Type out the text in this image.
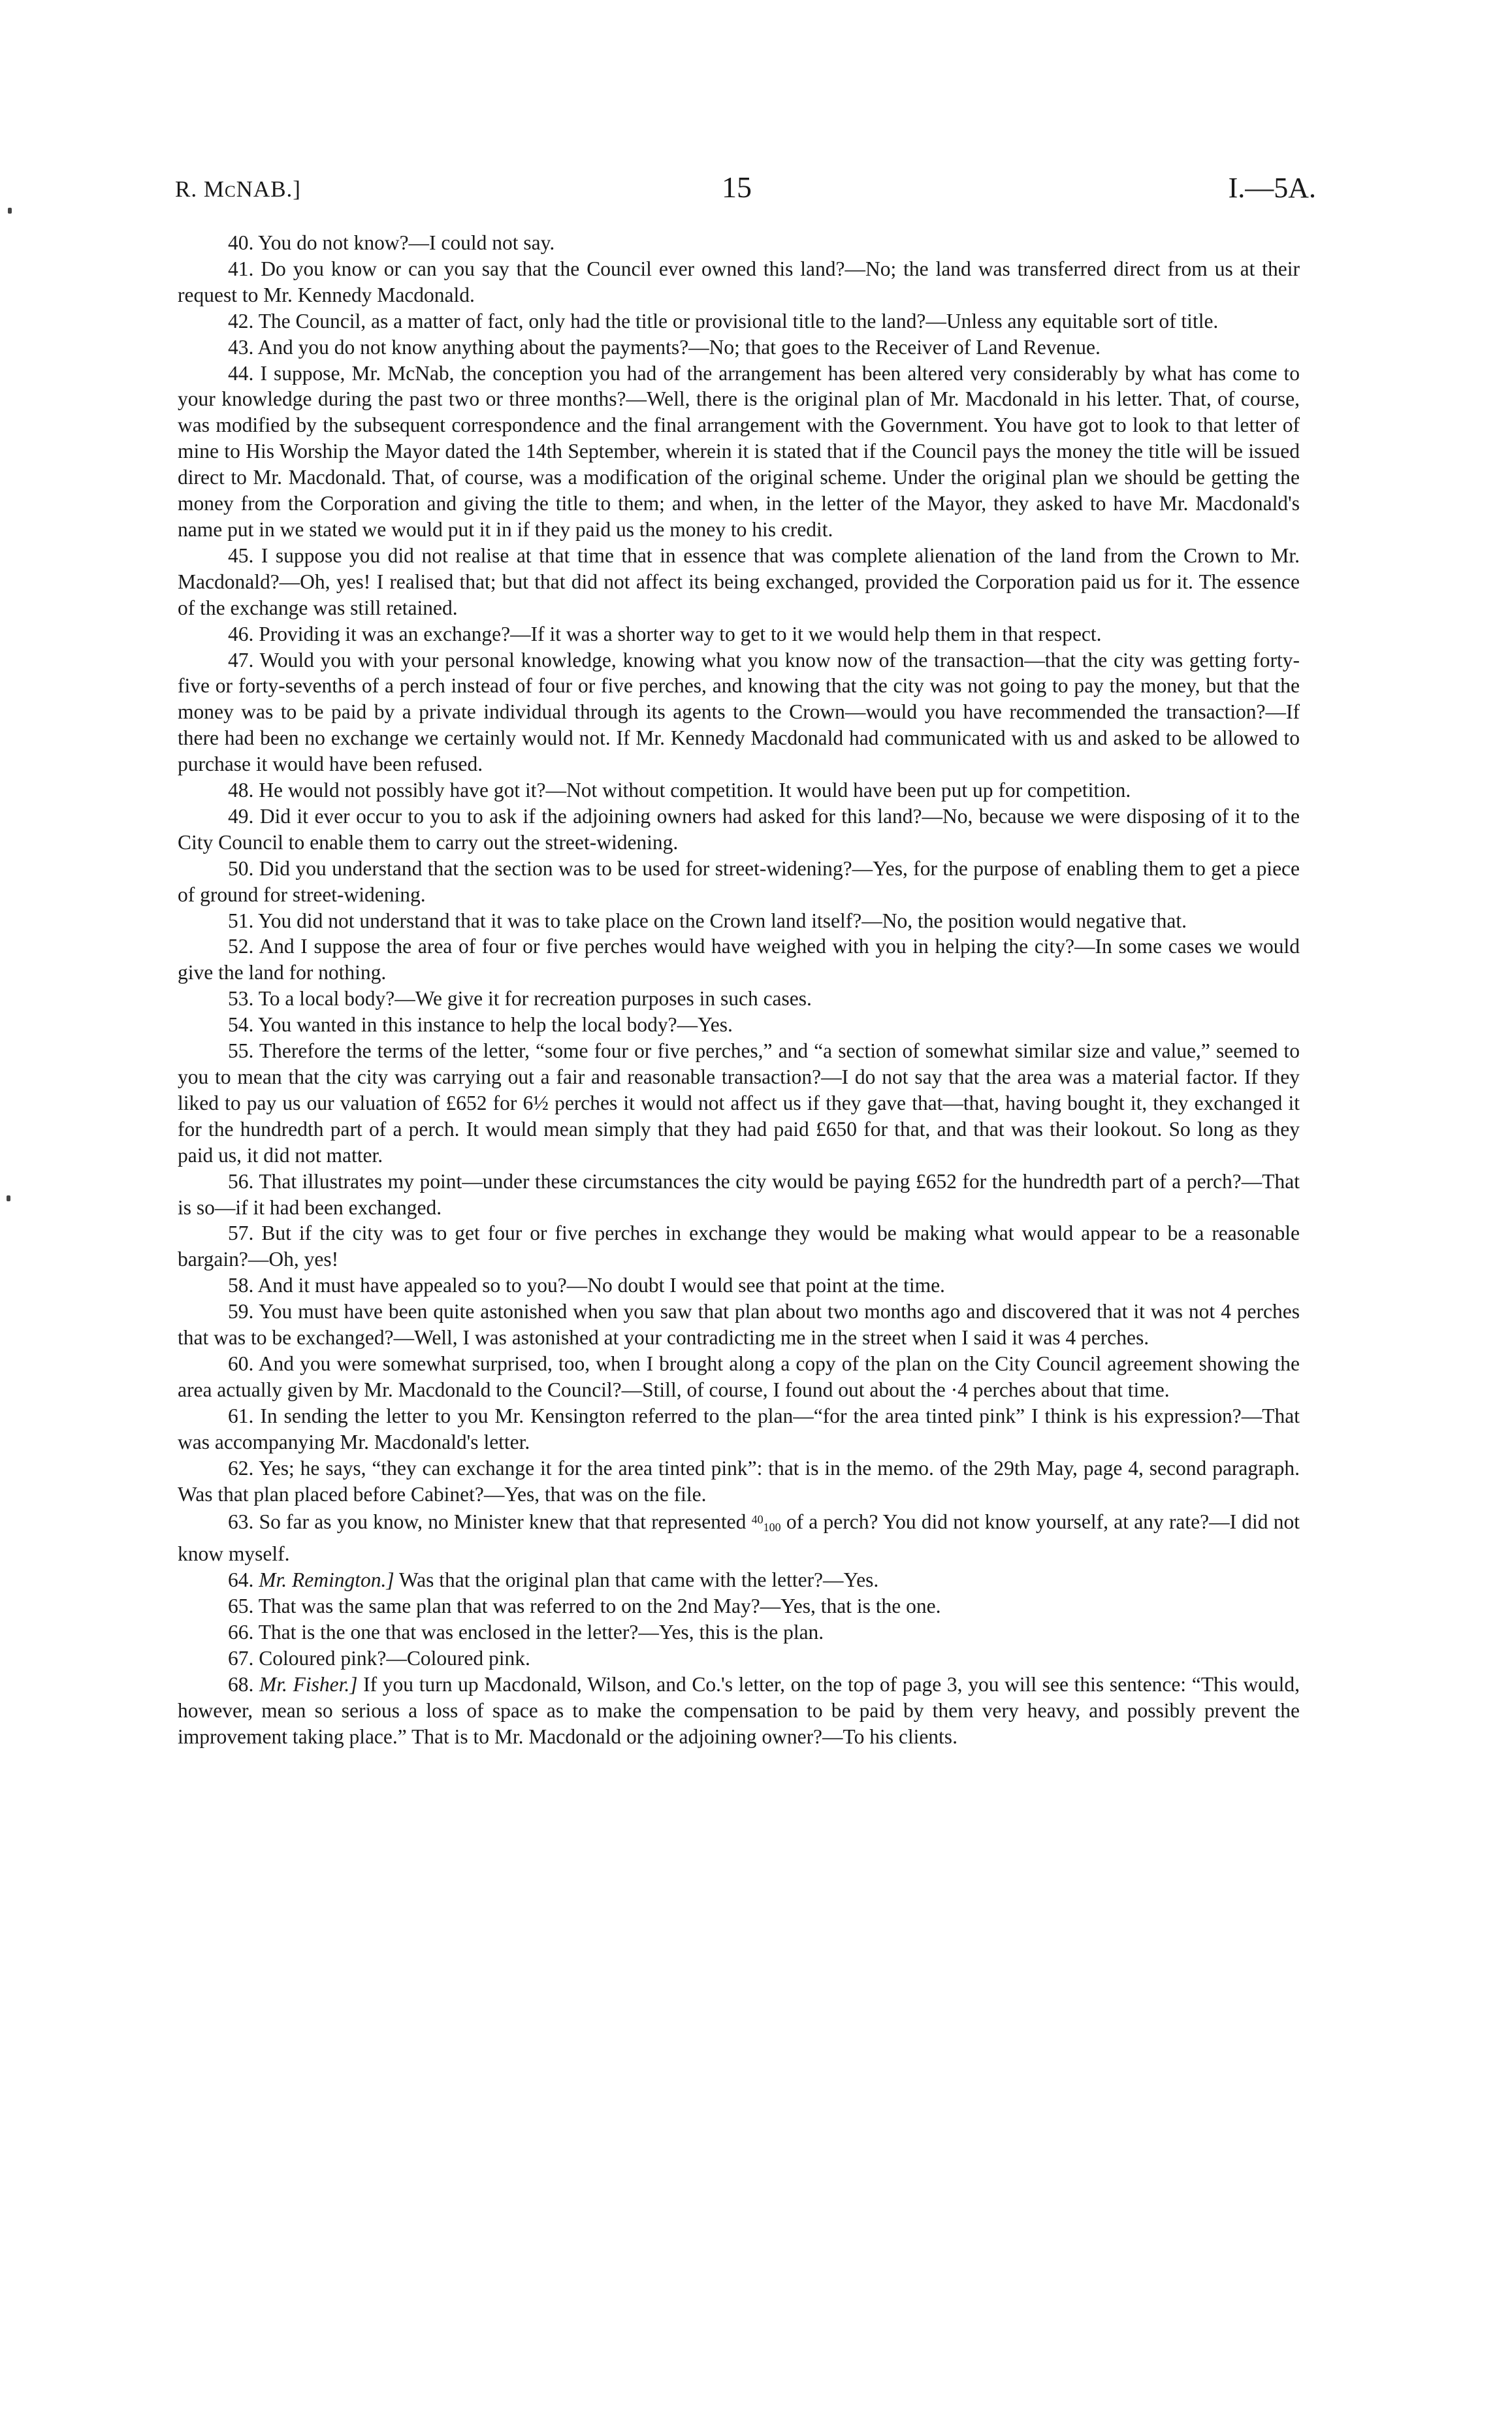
R. McNAB.]	15	I.—5A.

40. You do not know?—I could not say.

41. Do you know or can you say that the Council ever owned this land?—No; the land was transferred direct from us at their request to Mr. Kennedy Macdonald.

42. The Council, as a matter of fact, only had the title or provisional title to the land?—Unless any equitable sort of title.

43. And you do not know anything about the payments?—No; that goes to the Receiver of Land Revenue.

44. I suppose, Mr. McNab, the conception you had of the arrangement has been altered very considerably by what has come to your knowledge during the past two or three months?—Well, there is the original plan of Mr. Macdonald in his letter. That, of course, was modified by the subsequent correspondence and the final arrangement with the Government. You have got to look to that letter of mine to His Worship the Mayor dated the 14th September, wherein it is stated that if the Council pays the money the title will be issued direct to Mr. Macdonald. That, of course, was a modification of the original scheme. Under the original plan we should be getting the money from the Corporation and giving the title to them; and when, in the letter of the Mayor, they asked to have Mr. Macdonald's name put in we stated we would put it in if they paid us the money to his credit.

45. I suppose you did not realise at that time that in essence that was complete alienation of the land from the Crown to Mr. Macdonald?—Oh, yes! I realised that; but that did not affect its being exchanged, provided the Corporation paid us for it. The essence of the exchange was still retained.

46. Providing it was an exchange?—If it was a shorter way to get to it we would help them in that respect.

47. Would you with your personal knowledge, knowing what you know now of the transaction—that the city was getting forty-five or forty-sevenths of a perch instead of four or five perches, and knowing that the city was not going to pay the money, but that the money was to be paid by a private individual through its agents to the Crown—would you have recommended the transaction?—If there had been no exchange we certainly would not. If Mr. Kennedy Macdonald had communicated with us and asked to be allowed to purchase it would have been refused.

48. He would not possibly have got it?—Not without competition. It would have been put up for competition.

49. Did it ever occur to you to ask if the adjoining owners had asked for this land?—No, because we were disposing of it to the City Council to enable them to carry out the street-widening.

50. Did you understand that the section was to be used for street-widening?—Yes, for the purpose of enabling them to get a piece of ground for street-widening.

51. You did not understand that it was to take place on the Crown land itself?—No, the position would negative that.

52. And I suppose the area of four or five perches would have weighed with you in helping the city?—In some cases we would give the land for nothing.

53. To a local body?—We give it for recreation purposes in such cases.

54. You wanted in this instance to help the local body?—Yes.

55. Therefore the terms of the letter, “some four or five perches,” and “a section of somewhat similar size and value,” seemed to you to mean that the city was carrying out a fair and reasonable transaction?—I do not say that the area was a material factor. If they liked to pay us our valuation of £652 for 6½ perches it would not affect us if they gave that—that, having bought it, they exchanged it for the hundredth part of a perch. It would mean simply that they had paid £650 for that, and that was their lookout. So long as they paid us, it did not matter.

56. That illustrates my point—under these circumstances the city would be paying £652 for the hundredth part of a perch?—That is so—if it had been exchanged.

57. But if the city was to get four or five perches in exchange they would be making what would appear to be a reasonable bargain?—Oh, yes!

58. And it must have appealed so to you?—No doubt I would see that point at the time.

59. You must have been quite astonished when you saw that plan about two months ago and discovered that it was not 4 perches that was to be exchanged?—Well, I was astonished at your contradicting me in the street when I said it was 4 perches.

60. And you were somewhat surprised, too, when I brought along a copy of the plan on the City Council agreement showing the area actually given by Mr. Macdonald to the Council?—Still, of course, I found out about the ·4 perches about that time.

61. In sending the letter to you Mr. Kensington referred to the plan—“for the area tinted pink” I think is his expression?—That was accompanying Mr. Macdonald's letter.

62. Yes; he says, “they can exchange it for the area tinted pink”: that is in the memo. of the 29th May, page 4, second paragraph. Was that plan placed before Cabinet?—Yes, that was on the file.

63. So far as you know, no Minister knew that that represented $^{40}$100 of a perch? You did not know yourself, at any rate?—I did not know myself.

64. Mr. Remington.] Was that the original plan that came with the letter?—Yes.

65. That was the same plan that was referred to on the 2nd May?—Yes, that is the one.

66. That is the one that was enclosed in the letter?—Yes, this is the plan.

67. Coloured pink?—Coloured pink.

68. Mr. Fisher.] If you turn up Macdonald, Wilson, and Co.'s letter, on the top of page 3, you will see this sentence: “This would, however, mean so serious a loss of space as to make the compensation to be paid by them very heavy, and possibly prevent the improvement taking place.” That is to Mr. Macdonald or the adjoining owner?—To his clients.
